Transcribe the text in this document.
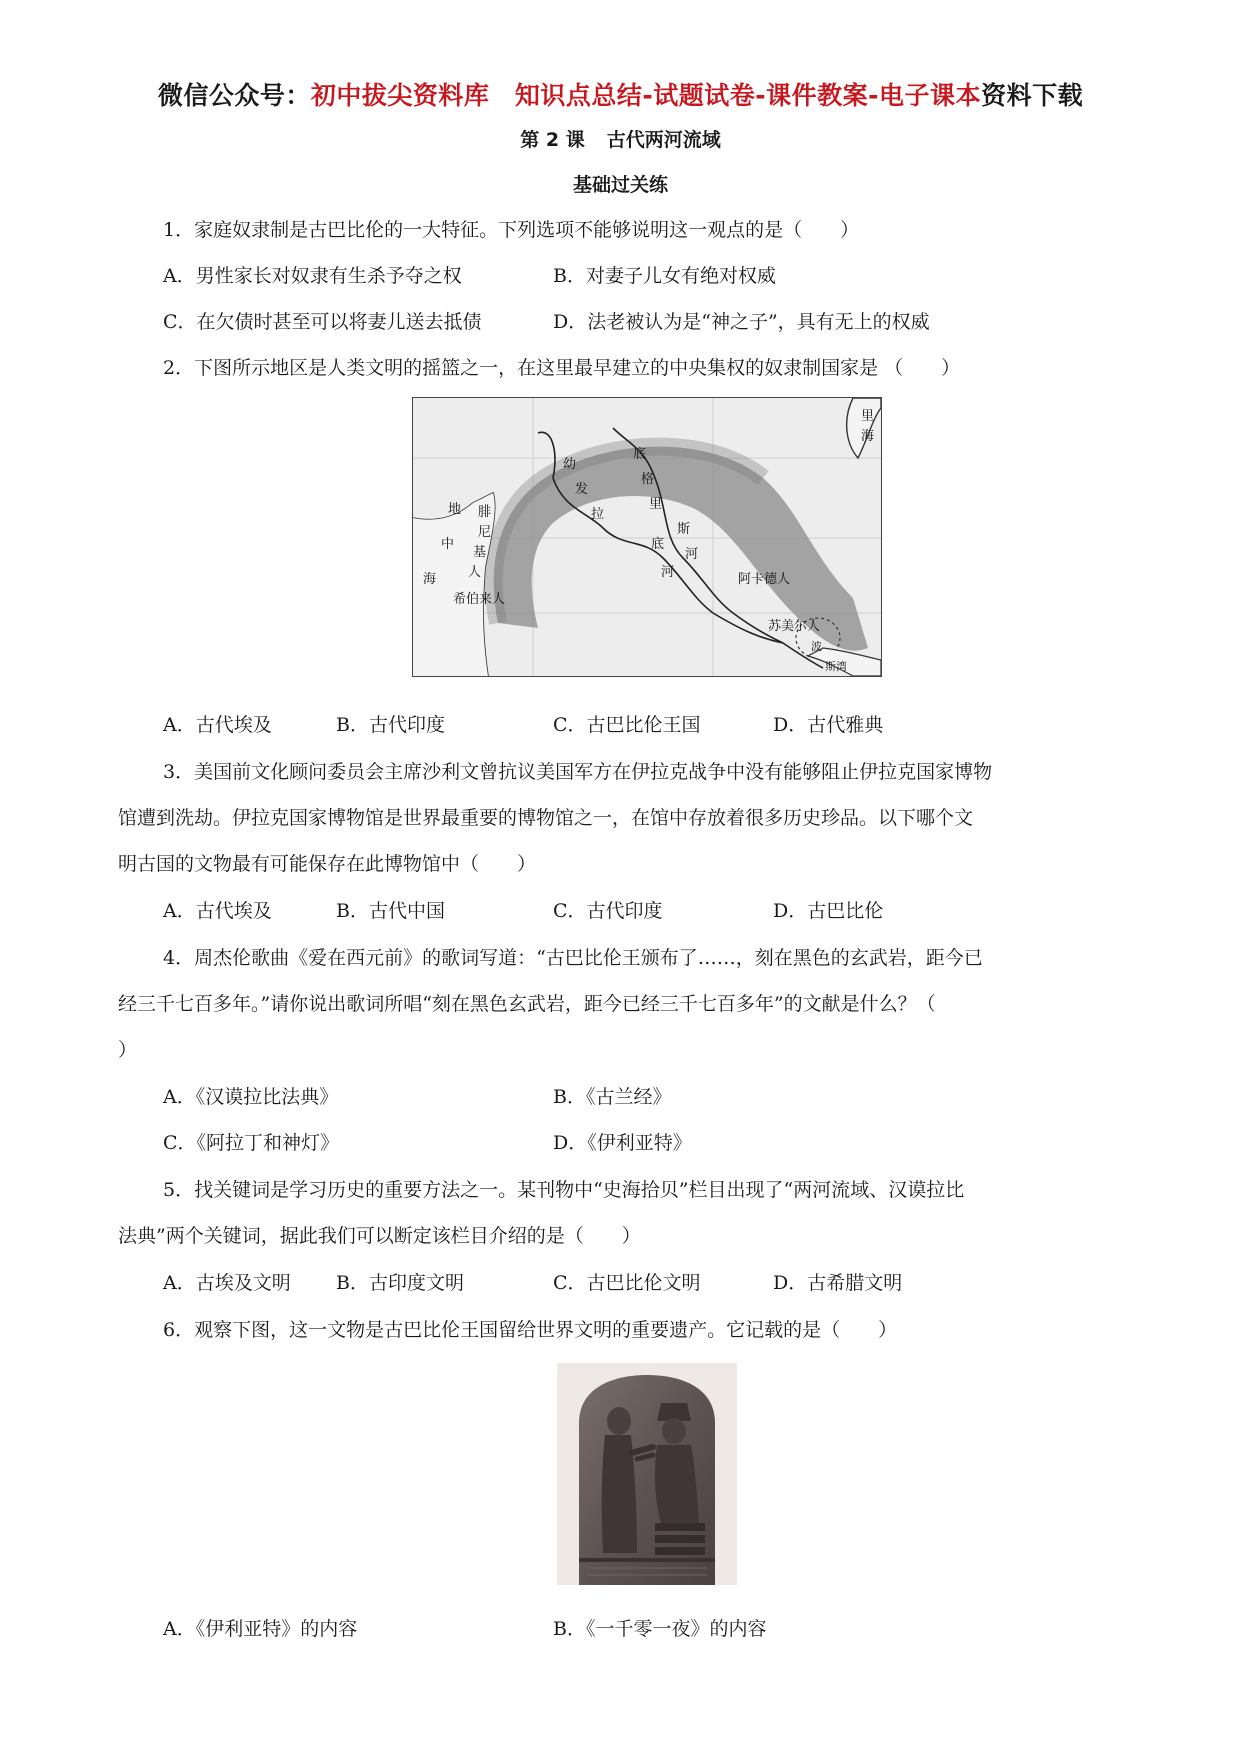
微信公众号：初中拔尖资料库　知识点总结-试题试卷-课件教案-电子课本资料下载
第 2 课 古代两河流域
基础过关练
1．家庭奴隶制是古巴比伦的一大特征。下列选项不能够说明这一观点的是（　　）
A．男性家长对奴隶有生杀予夺之权	B．对妻子儿女有绝对权威
C．在欠债时甚至可以将妻儿送去抵债	D．法老被认为是“神之子”，具有无上的权威
2．下图所示地区是人类文明的摇篮之一，在这里最早建立的中央集权的奴隶制国家是 （　　）
幼
发
拉
底
河
底
格
里
斯
河
地
中
海
腓
尼
基
人
希伯来人
阿卡德人
苏美尔人
里
海
波
斯湾
A．古代埃及	B．古代印度	C．古巴比伦王国	D．古代雅典
3．美国前文化顾问委员会主席沙利文曾抗议美国军方在伊拉克战争中没有能够阻止伊拉克国家博物
馆遭到洗劫。伊拉克国家博物馆是世界最重要的博物馆之一，在馆中存放着很多历史珍品。以下哪个文
明古国的文物最有可能保存在此博物馆中（　　）
A．古代埃及	B．古代中国	C．古代印度	D．古巴比伦
4．周杰伦歌曲《爱在西元前》的歌词写道：“古巴比伦王颁布了……，刻在黑色的玄武岩，距今已
经三千七百多年。”请你说出歌词所唱“刻在黑色玄武岩，距今已经三千七百多年”的文献是什么？（
）
A．《汉谟拉比法典》	B．《古兰经》
C．《阿拉丁和神灯》	D．《伊利亚特》
5．找关键词是学习历史的重要方法之一。某刊物中“史海拾贝”栏目出现了“两河流域、汉谟拉比
法典”两个关键词，据此我们可以断定该栏目介绍的是（　　）
A．古埃及文明 B．古印度文明	C．古巴比伦文明	D．古希腊文明
6．观察下图，这一文物是古巴比伦王国留给世界文明的重要遗产。它记载的是（　　）
A．《伊利亚特》的内容	B．《一千零一夜》的内容
